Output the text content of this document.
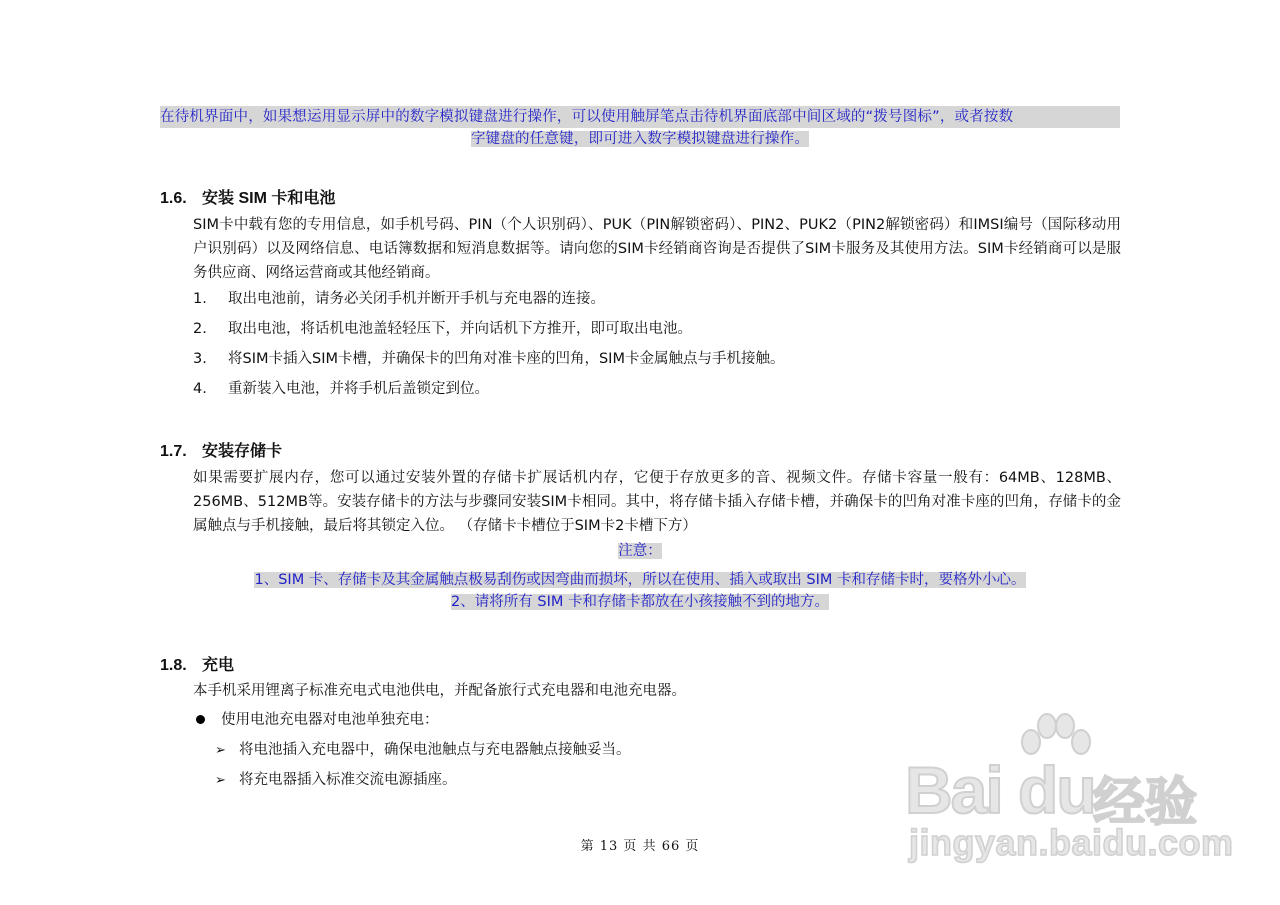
在待机界面中，如果想运用显示屏中的数字模拟键盘进行操作，可以使用触屏笔点击待机界面底部中间区域的“拨号图标”，或者按数
字键盘的任意键，即可进入数字模拟键盘进行操作。
1.6. 安装 SIM 卡和电池
SIM卡中载有您的专用信息，如手机号码、PIN（个人识别码）、PUK（PIN解锁密码）、PIN2、PUK2（PIN2解锁密码）和IMSI编号（国际移动用户识别码）以及网络信息、电话簿数据和短消息数据等。请向您的SIM卡经销商咨询是否提供了SIM卡服务及其使用方法。SIM卡经销商可以是服务供应商、网络运营商或其他经销商。
1. 取出电池前，请务必关闭手机并断开手机与充电器的连接。
2. 取出电池，将话机电池盖轻轻压下，并向话机下方推开，即可取出电池。
3. 将SIM卡插入SIM卡槽，并确保卡的凹角对准卡座的凹角，SIM卡金属触点与手机接触。
4. 重新装入电池，并将手机后盖锁定到位。
1.7. 安装存储卡
如果需要扩展内存，您可以通过安装外置的存储卡扩展话机内存，它便于存放更多的音、视频文件。存储卡容量一般有：64MB、128MB、256MB、512MB等。安装存储卡的方法与步骤同安装SIM卡相同。其中，将存储卡插入存储卡槽，并确保卡的凹角对准卡座的凹角，存储卡的金属触点与手机接触，最后将其锁定入位。 （存储卡卡槽位于SIM卡2卡槽下方）
注意：
1、SIM 卡、存储卡及其金属触点极易刮伤或因弯曲而损坏，所以在使用、插入或取出 SIM 卡和存储卡时，要格外小心。
2、请将所有 SIM 卡和存储卡都放在小孩接触不到的地方。
1.8. 充电
本手机采用锂离子标准充电式电池供电，并配备旅行式充电器和电池充电器。
使用电池充电器对电池单独充电：
➢ 将电池插入充电器中，确保电池触点与充电器触点接触妥当。
➢ 将充电器插入标准交流电源插座。
第 13 页 共 66 页
Bai du
经验
jingyan.baidu.com
